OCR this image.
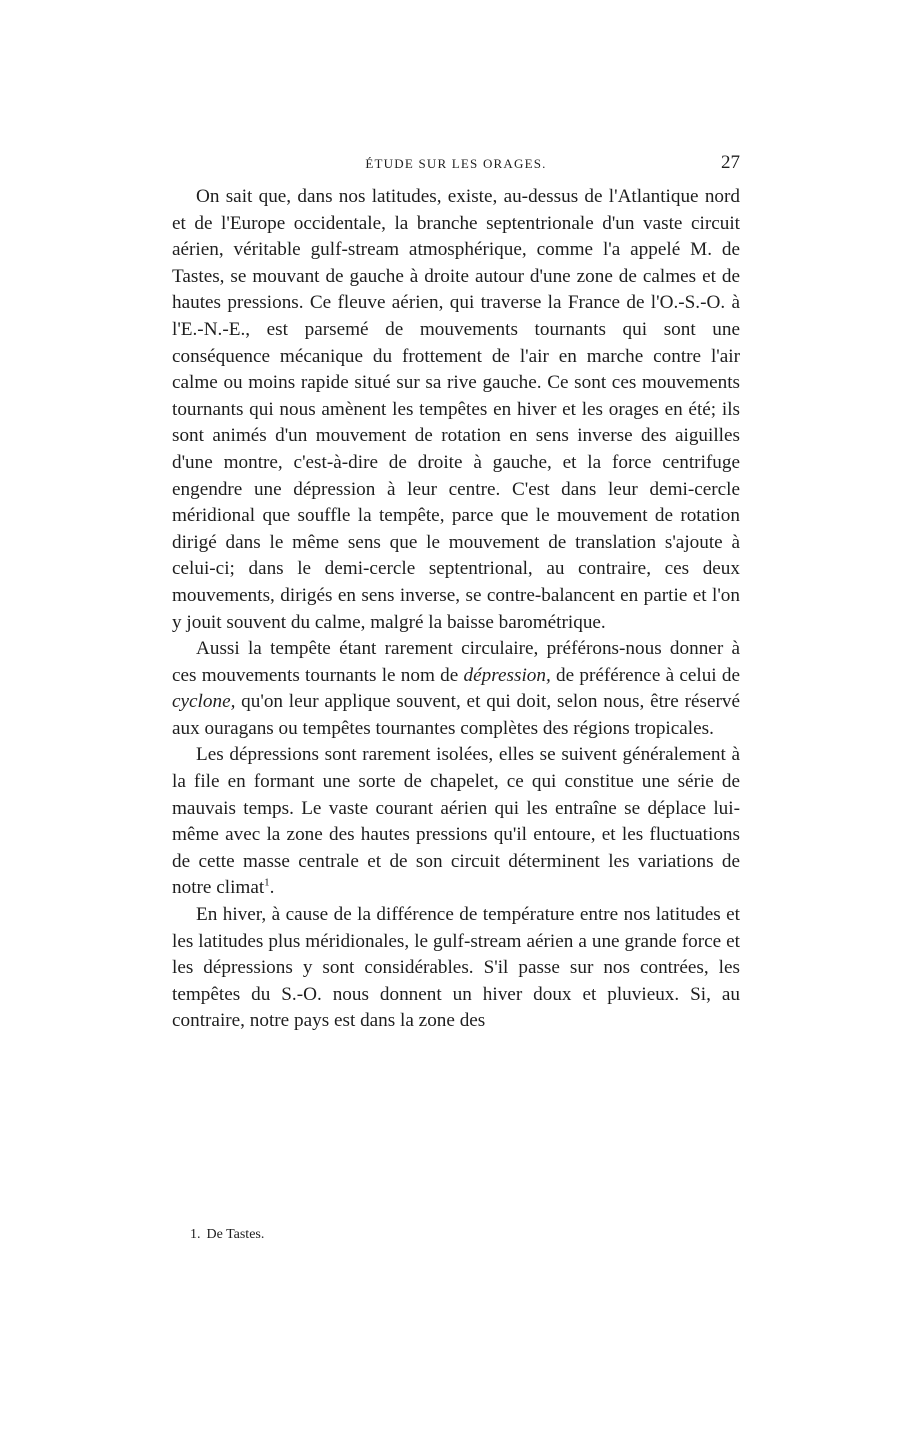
ÉTUDE SUR LES ORAGES.	27

On sait que, dans nos latitudes, existe, au-dessus de l'Atlantique nord et de l'Europe occidentale, la branche septentrionale d'un vaste circuit aérien, véritable gulf-stream atmosphérique, comme l'a appelé M. de Tastes, se mouvant de gauche à droite autour d'une zone de calmes et de hautes pressions. Ce fleuve aérien, qui traverse la France de l'O.-S.-O. à l'E.-N.-E., est parsemé de mouvements tournants qui sont une conséquence mécanique du frottement de l'air en marche contre l'air calme ou moins rapide situé sur sa rive gauche. Ce sont ces mouvements tournants qui nous amènent les tempêtes en hiver et les orages en été; ils sont animés d'un mouvement de rotation en sens inverse des aiguilles d'une montre, c'est-à-dire de droite à gauche, et la force centrifuge engendre une dépression à leur centre. C'est dans leur demi-cercle méridional que souffle la tempête, parce que le mouvement de rotation dirigé dans le même sens que le mouvement de translation s'ajoute à celui-ci; dans le demi-cercle septentrional, au contraire, ces deux mouvements, dirigés en sens inverse, se contre-balancent en partie et l'on y jouit souvent du calme, malgré la baisse barométrique.

Aussi la tempête étant rarement circulaire, préférons-nous donner à ces mouvements tournants le nom de dépression, de préférence à celui de cyclone, qu'on leur applique souvent, et qui doit, selon nous, être réservé aux ouragans ou tempêtes tournantes complètes des régions tropicales.

Les dépressions sont rarement isolées, elles se suivent généralement à la file en formant une sorte de chapelet, ce qui constitue une série de mauvais temps. Le vaste courant aérien qui les entraîne se déplace lui-même avec la zone des hautes pressions qu'il entoure, et les fluctuations de cette masse centrale et de son circuit déterminent les variations de notre climat$^1$.

En hiver, à cause de la différence de température entre nos latitudes et les latitudes plus méridionales, le gulf-stream aérien a une grande force et les dépressions y sont considérables. S'il passe sur nos contrées, les tempêtes du S.-O. nous donnent un hiver doux et pluvieux. Si, au contraire, notre pays est dans la zone des

1. De Tastes.
